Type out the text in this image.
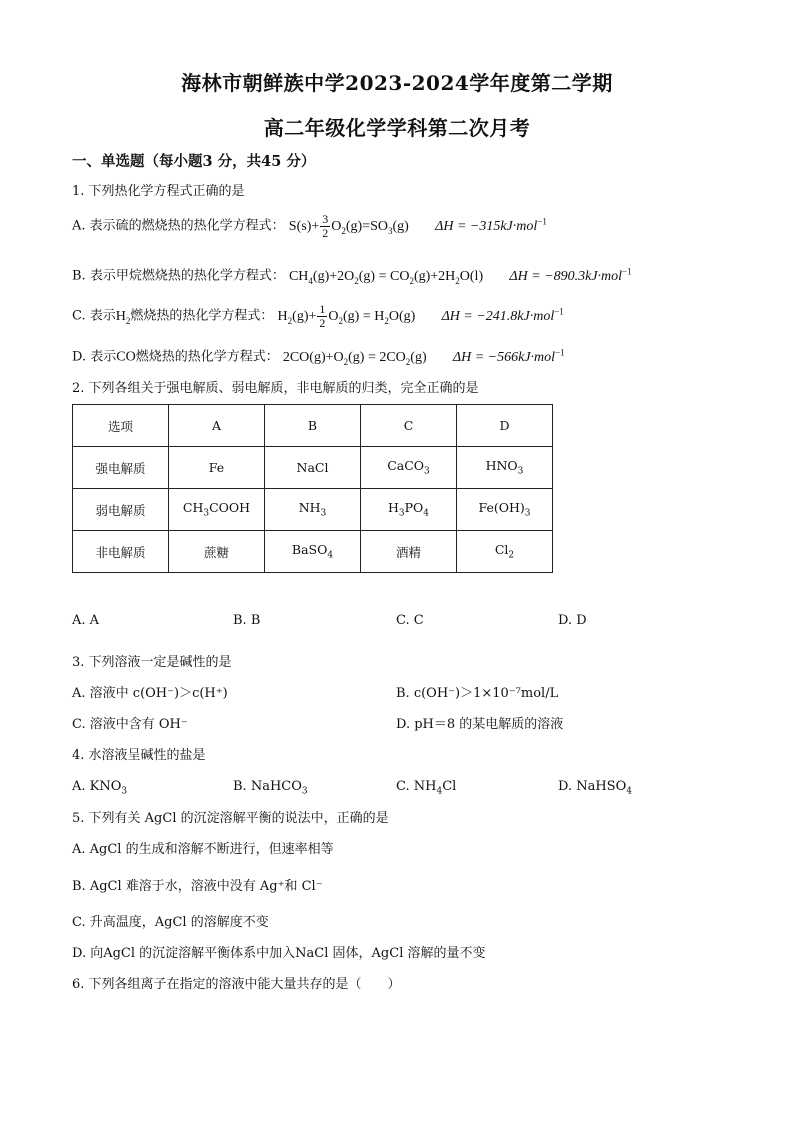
海林市朝鲜族中学2023-2024学年度第二学期
高二年级化学学科第二次月考
一、单选题（每小题3 分，共45 分）
1. 下列热化学方程式正确的是
A. 表示硫的燃烧热的热化学方程式： $S(s)+ \frac{3}{2} O_2(g)=SO_3(g) \Delta H = -315kJ\cdot mol^{-1}$
B. 表示甲烷燃烧热的热化学方程式： $CH_4(g)+2O_2(g) = CO_2(g)+2H_2O(l) \Delta H = -890.3kJ\cdot mol^{-1}$
C. 表示$H_2$燃烧热的热化学方程式： $H_2(g)+ \frac{1}{2} O_2(g) = H_2O(g) \Delta H = -241.8kJ\cdot mol^{-1}$
D. 表示CO燃烧热的热化学方程式： $2CO(g)+O_2(g) = 2CO_2(g) \Delta H = -566kJ\cdot mol^{-1}$
2. 下列各组关于强电解质、弱电解质，非电解质的归类，完全正确的是
选项	A	B	C	D
强电解质	Fe	NaCl	CaCO$_3$	$HNO_3$
弱电解质	$CH_3COOH$	$NH_3$	$H_3PO_4$	$Fe(OH)_3$
非电解质	蔗糖	BaSO$_4$	酒精	$Cl_2$
A. A	B. B	C. C	D. D
3. 下列溶液一定是碱性的是
A. 溶液中 c(OH⁻)＞c(H⁺)	B. c(OH⁻)＞1×10⁻⁷mol/L
C. 溶液中含有 OH⁻	D. pH＝8 的某电解质的溶液
4. 水溶液呈碱性的盐是
A. $KNO_3$	B. NaHCO$_3$	C. $NH_4Cl$	D. NaHSO$_4$
5. 下列有关 AgCl 的沉淀溶解平衡的说法中，正确的是
A. AgCl 的生成和溶解不断进行，但速率相等
B. AgCl 难溶于水，溶液中没有 Ag⁺和 Cl⁻
C. 升高温度，AgCl 的溶解度不变
D. 向AgCl 的沉淀溶解平衡体系中加入NaCl 固体，AgCl 溶解的量不变
6. 下列各组离子在指定的溶液中能大量共存的是（　　）
